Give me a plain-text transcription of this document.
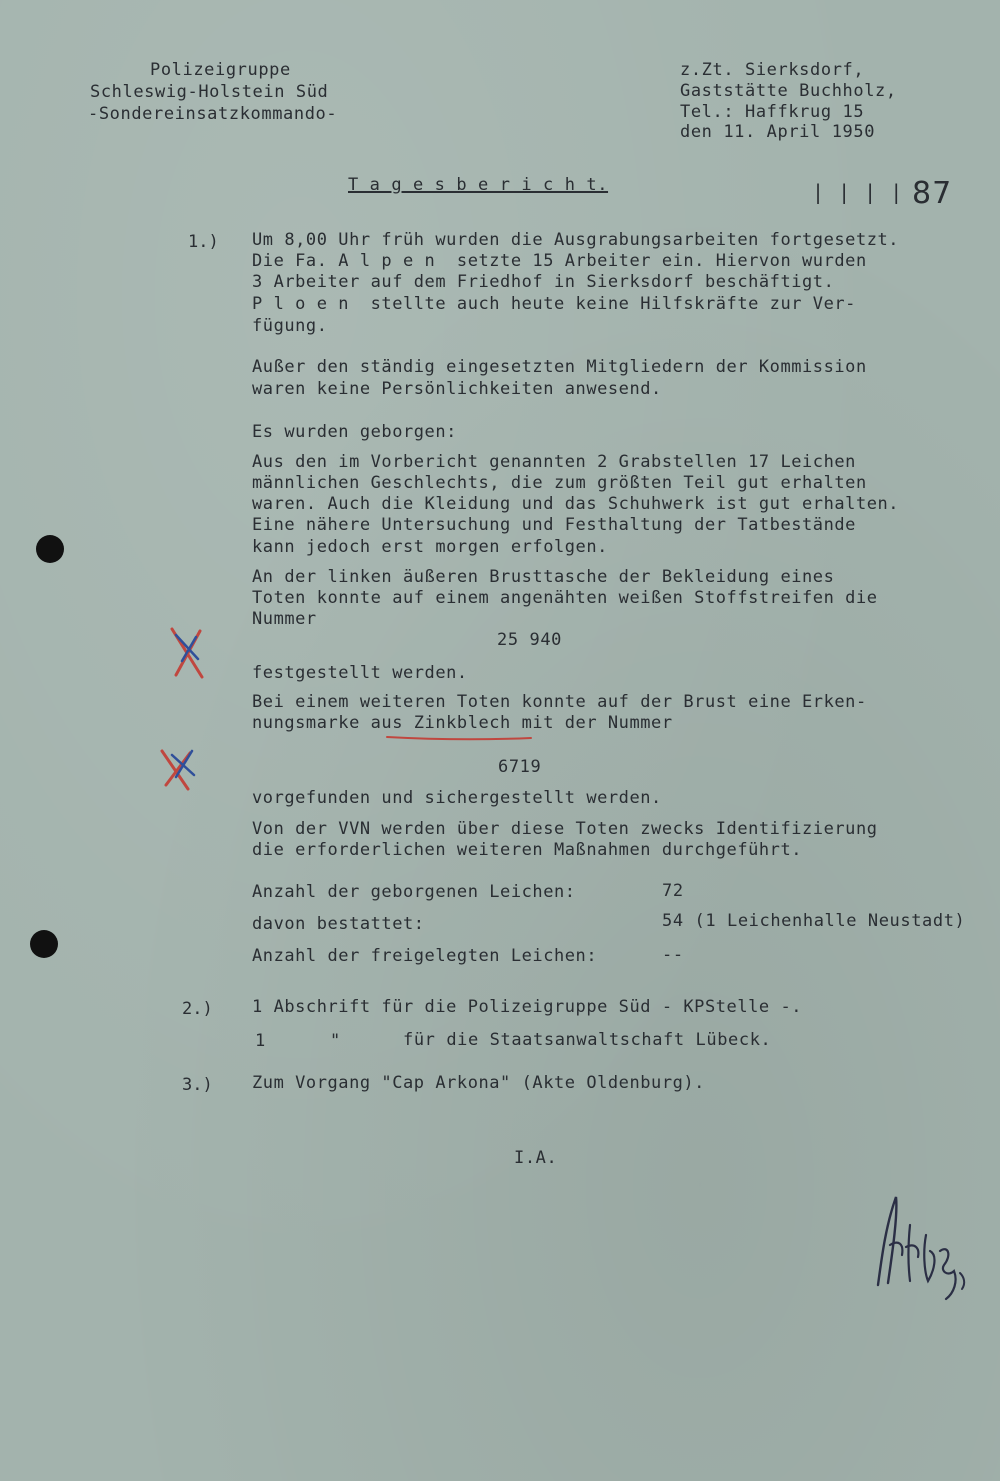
Polizeigruppe
Schleswig-Holstein Süd
-Sondereinsatzkommando-
z.Zt. Sierksdorf,
Gaststätte Buchholz,
Tel.: Haffkrug 15
den 11. April 1950
T a g e s b e r i c h t.	| | | | 87
1.) Um 8,00 Uhr früh wurden die Ausgrabungsarbeiten fortgesetzt.
Die Fa. A l p e n  setzte 15 Arbeiter ein. Hiervon wurden
3 Arbeiter auf dem Friedhof in Sierksdorf beschäftigt.
P l o e n  stellte auch heute keine Hilfskräfte zur Ver-
fügung.
Außer den ständig eingesetzten Mitgliedern der Kommission
waren keine Persönlichkeiten anwesend.
Es wurden geborgen:
Aus den im Vorbericht genannten 2 Grabstellen 17 Leichen
männlichen Geschlechts, die zum größten Teil gut erhalten
waren. Auch die Kleidung und das Schuhwerk ist gut erhalten.
Eine nähere Untersuchung und Festhaltung der Tatbestände
kann jedoch erst morgen erfolgen.
An der linken äußeren Brusttasche der Bekleidung eines
Toten konnte auf einem angenähten weißen Stoffstreifen die
Nummer
25 940
festgestellt werden.
Bei einem weiteren Toten konnte auf der Brust eine Erken-
nungsmarke aus Zinkblech mit der Nummer
6719
vorgefunden und sichergestellt werden.
Von der VVN werden über diese Toten zwecks Identifizierung
die erforderlichen weiteren Maßnahmen durchgeführt.
Anzahl der geborgenen Leichen:	72
davon bestattet:	54 (1 Leichenhalle Neustadt)
Anzahl der freigelegten Leichen:	--
2.) 1 Abschrift für die Polizeigruppe Süd - KPStelle -.
1	"	für die Staatsanwaltschaft Lübeck.
3.) Zum Vorgang "Cap Arkona" (Akte Oldenburg).
I.A.
